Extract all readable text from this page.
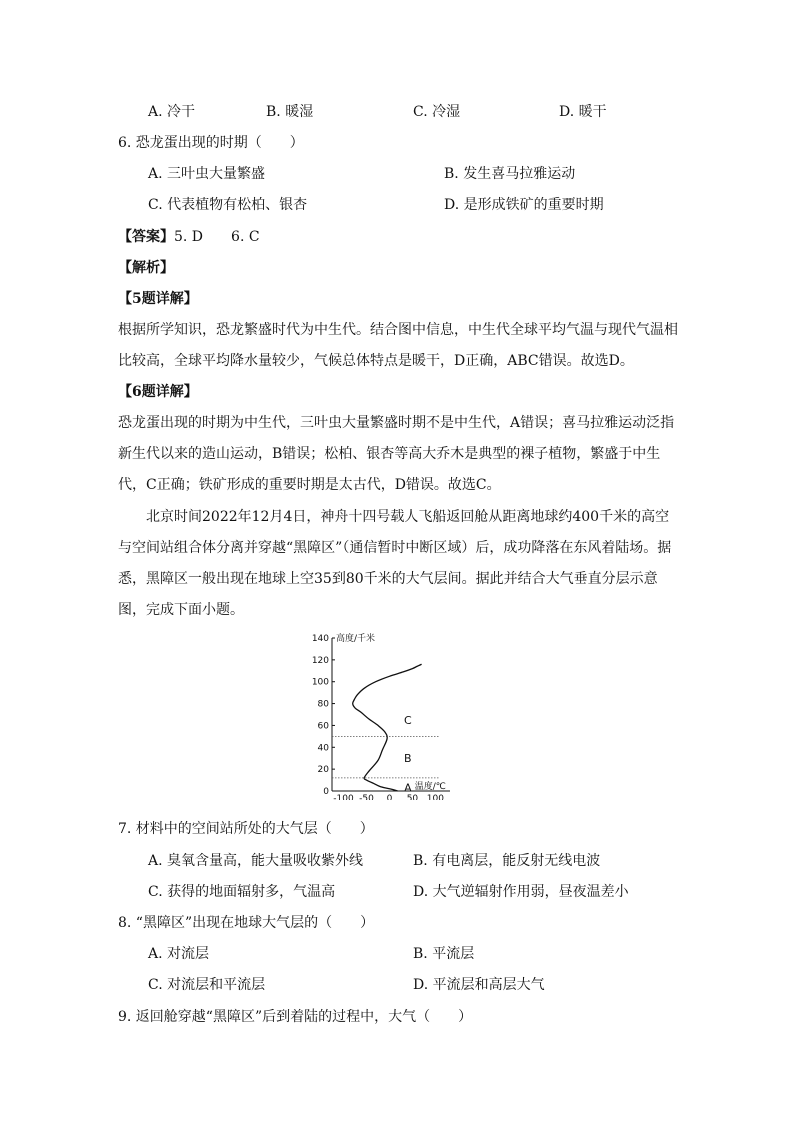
A. 冷干	B. 暖湿	C. 冷湿	D. 暖干
6. 恐龙蛋出现的时期（　　）
A. 三叶虫大量繁盛	B. 发生喜马拉雅运动
C. 代表植物有松柏、银杏	D. 是形成铁矿的重要时期
【答案】5. D　　6. C
【解析】
【5题详解】
根据所学知识，恐龙繁盛时代为中生代。结合图中信息，中生代全球平均气温与现代气温相比较高，全球平均降水量较少，气候总体特点是暖干，D正确，ABC错误。故选D。
【6题详解】
恐龙蛋出现的时期为中生代，三叶虫大量繁盛时期不是中生代，A错误；喜马拉雅运动泛指新生代以来的造山运动，B错误；松柏、银杏等高大乔木是典型的裸子植物，繁盛于中生代，C正确；铁矿形成的重要时期是太古代，D错误。故选C。
北京时间2022年12月4日，神舟十四号载人飞船返回舱从距离地球约400千米的高空与空间站组合体分离并穿越“黑障区”（通信暂时中断区域）后，成功降落在东风着陆场。据悉，黑障区一般出现在地球上空35到80千米的大气层间。据此并结合大气垂直分层示意图，完成下面小题。
0
20
40
60
80
100
120
140
-100 -50 0 50 100
高度/千米
温度/℃
A
B
C
7. 材料中的空间站所处的大气层（　　）
A. 臭氧含量高，能大量吸收紫外线	B. 有电离层，能反射无线电波
C. 获得的地面辐射多，气温高	D. 大气逆辐射作用弱，昼夜温差小
8. “黑障区”出现在地球大气层的（　　）
A. 对流层	B. 平流层
C. 对流层和平流层	D. 平流层和高层大气
9. 返回舱穿越“黑障区”后到着陆的过程中，大气（　　）
